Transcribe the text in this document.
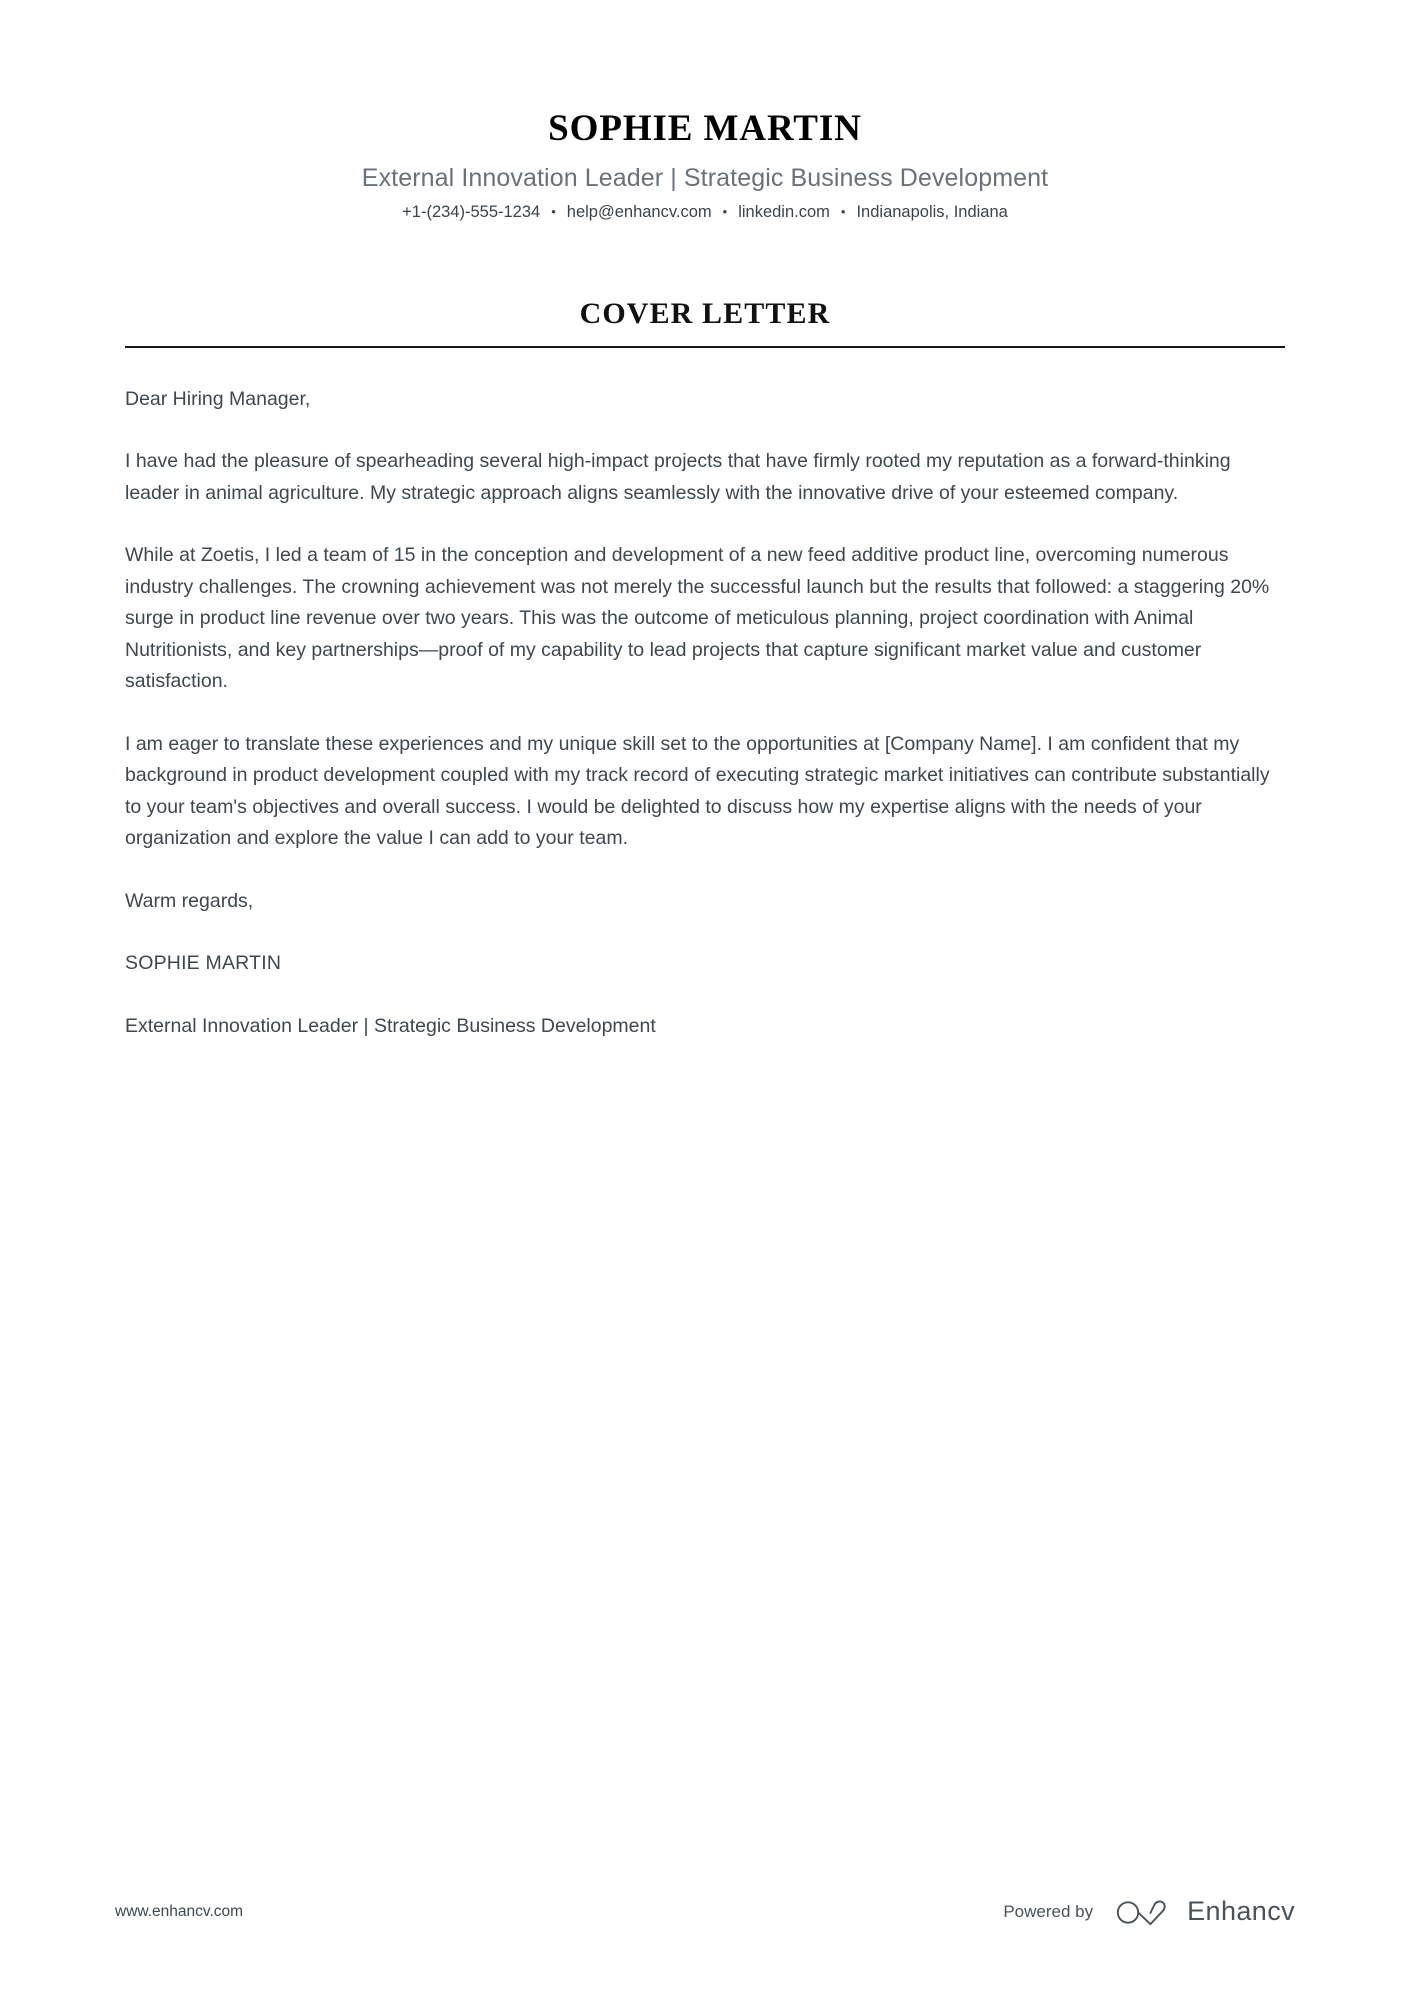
SOPHIE MARTIN
External Innovation Leader | Strategic Business Development
+1-(234)-555-1234 • help@enhancv.com • linkedin.com • Indianapolis, Indiana
COVER LETTER

Dear Hiring Manager,

I have had the pleasure of spearheading several high-impact projects that have firmly rooted my reputation as a forward-thinking leader in animal agriculture. My strategic approach aligns seamlessly with the innovative drive of your esteemed company.

While at Zoetis, I led a team of 15 in the conception and development of a new feed additive product line, overcoming numerous industry challenges. The crowning achievement was not merely the successful launch but the results that followed: a staggering 20% surge in product line revenue over two years. This was the outcome of meticulous planning, project coordination with Animal Nutritionists, and key partnerships—proof of my capability to lead projects that capture significant market value and customer satisfaction.

I am eager to translate these experiences and my unique skill set to the opportunities at [Company Name]. I am confident that my background in product development coupled with my track record of executing strategic market initiatives can contribute substantially to your team's objectives and overall success. I would be delighted to discuss how my expertise aligns with the needs of your organization and explore the value I can add to your team.

Warm regards,

SOPHIE MARTIN

External Innovation Leader | Strategic Business Development

www.enhancv.com	Powered by	Enhancv
